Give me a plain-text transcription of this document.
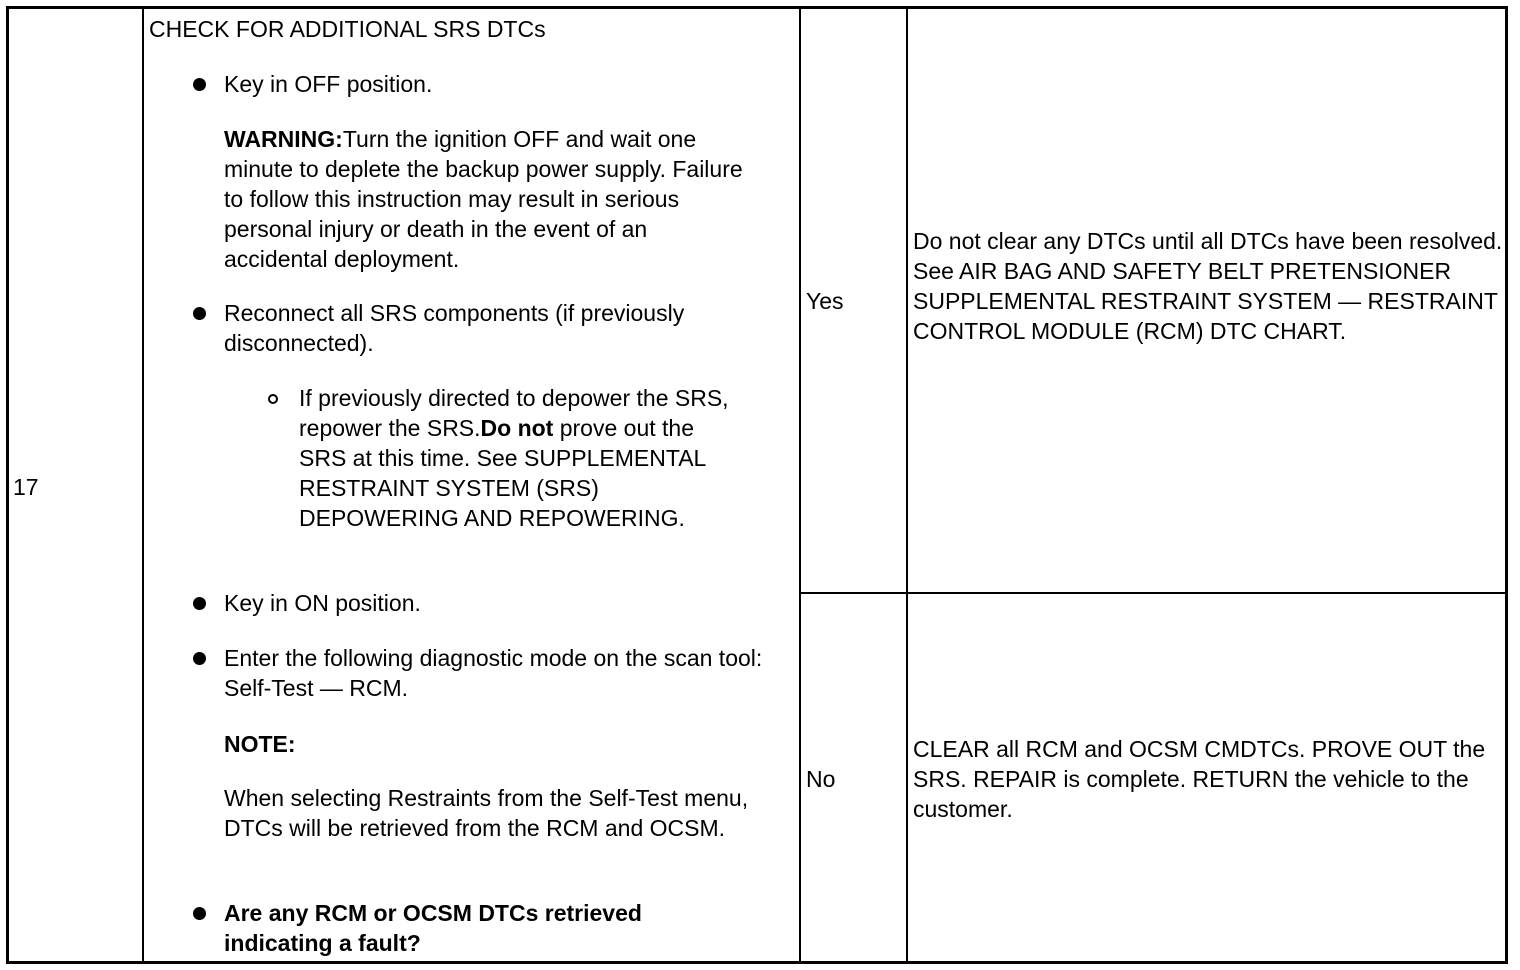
17
CHECK FOR ADDITIONAL SRS DTCs
Key in OFF position.
WARNING:Turn the ignition OFF and wait one minute to deplete the backup power supply. Failure to follow this instruction may result in serious personal injury or death in the event of an accidental deployment.
Reconnect all SRS components (if previously disconnected).
If previously directed to depower the SRS, repower the SRS.Do not prove out the SRS at this time. See SUPPLEMENTAL RESTRAINT SYSTEM (SRS) DEPOWERING AND REPOWERING.
Key in ON position.
Enter the following diagnostic mode on the scan tool: Self-Test — RCM.
NOTE:
When selecting Restraints from the Self-Test menu, DTCs will be retrieved from the RCM and OCSM.
Are any RCM or OCSM DTCs retrieved indicating a fault?
Yes
Do not clear any DTCs until all DTCs have been resolved. See AIR BAG AND SAFETY BELT PRETENSIONER SUPPLEMENTAL RESTRAINT SYSTEM — RESTRAINT CONTROL MODULE (RCM) DTC CHART.
No
CLEAR all RCM and OCSM CMDTCs. PROVE OUT the SRS. REPAIR is complete. RETURN the vehicle to the customer.
